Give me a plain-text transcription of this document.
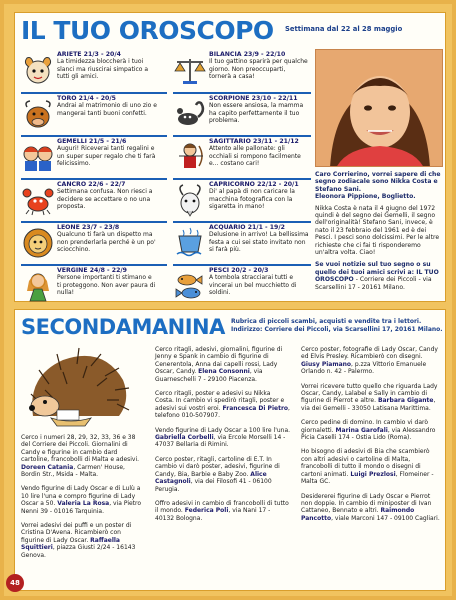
IL TUO OROSCOPO Settimana dal 22 al 28 maggio
ARIETE 21/3 - 20/4
La timidezza bloccherà i tuoi slanci ma riuscirai simpatico a tutti gli amici.
TORO 21/4 - 20/5
Andrai al matrimonio di uno zio e mangerai tanti buoni confetti.
GEMELLI 21/5 - 21/6
Auguri! Riceverai tanti regalini e un super super regalo che ti farà felicissimo.
CANCRO 22/6 - 22/7
Settimana confusa. Non riesci a decidere se accettare o no una proposta.
LEONE 23/7 - 23/8
Qualcuno ti farà un dispetto ma non prenderlarla perché è un po' sciocchino.
VERGINE 24/8 - 22/9
Persone importanti ti stimano e ti proteggono. Non aver paura di nulla!
BILANCIA 23/9 - 22/10
Il tuo gattino sparirà per qualche giorno. Non preoccuparti, tornerà a casa!
SCORPIONE 23/10 - 22/11
Non essere ansiosa, la mamma ha capito perfettamente il tuo problema.
SAGITTARIO 23/11 - 21/12
Attento alle pallonate: gli occhiali si rompono facilmente e... costano cari!
CAPRICORNO 22/12 - 20/1
Di' al papà di non caricare la macchina fotografica con la sigaretta in mano!
ACQUARIO 21/1 - 19/2
Delusione in arrivo! La bellissima festa a cui sei stato invitato non si farà più.
PESCI 20/2 - 20/3
A tombola stracciarai tutti e vincerai un bel mucchietto di soldini.
Caro Corrierino, vorrei sapere di che segno zodiacale sono Nikka Costa e Stefano Sani.
Eleonora Pippione, Boglietto.
Nikka Costa è nata il 4 giugno del 1972 quindi è del segno dei Gemelli, il segno dell'originalità! Stefano Sani, invece, è nato il 23 febbraio del 1961 ed è dei Pesci. I pesci sono dolcissimi. Per le altre richieste che ci fai ti risponderemo un'altra volta. Ciao!
Se vuoi notizie sul tuo segno o su quello dei tuoi amici scrivi a: IL TUO OROSCOPO - Corriere dei Piccoli - via Scarsellini 17 - 20161 Milano.
SECONDAMANINA Rubrica di piccoli scambi, acquisti e vendite tra i lettori. Indirizzo: Corriere dei Piccoli, via Scarsellini 17, 20161 Milano.
Cerco i numeri 28, 29, 32, 33, 36 e 38 del Corriere dei Piccoli. Giornalini di Candy e figurine in cambio dard cartoline, francobolli di Malta e adesivi. Doreen Catania, Carmen' House, Bordin Str., Msida - Malta.
Vendo figurine di Lady Oscar e di Lulù a 10 lire l'una e compro figurine di Lady Oscar a 50. Valeria La Rosa, via Pietro Nenni 39 - 01016 Tarquinia.
Vorrei adesivi dei puffi e un poster di Cristina D'Avena. Ricambierò con figurine di Lady Oscar. Raffaella Squittieri, piazza Giusti 2/24 - 16143 Genova.
Cerco ritagli, adesivi, giornalini, figurine di Jenny e Spank in cambio di figurine di Cenerentola, Anna dai capelli rossi, Lady Oscar, Candy. Elena Consonni, via Guarneschelli 7 - 29100 Piacenza.
Cerco ritagli, poster e adesivi su Nikka Costa. In cambio vi spedirò ritagli, poster e adesivi sui vostri eroi. Francesca Di Pietro, telefono 010-507907.
Vendo figurine di Lady Oscar a 100 lire l'una. Gabriella Corbelli, via Ercole Morselli 14 - 47037 Bellaria di Rimini.
Cerco poster, ritagli, cartoline di E.T. In cambio vi darò poster, adesivi, figurine di Candy, Bia, Barbie e Baby Zoo. Alice Castagnoli, via dei Filosofi 41 - 06100 Perugia.
Offro adesivi in cambio di francobolli di tutto il mondo. Federica Poli, via Nani 17 - 40132 Bologna.
Cerco poster, fotografie di Lady Oscar, Candy ed Elvis Presley. Ricambierò con disegni. Giusy Piamano, p.zza Vittorio Emanuele Orlando n. 42 - Palermo.
Vorrei ricevere tutto quello che riguarda Lady Oscar, Candy, Lalabel e Sally in cambio di figurine di Pierrot e altre. Barbara Gigante, via dei Gemelli - 33050 Latisana Marittima.
Cerco pedine di domino. In cambio vi darò giornaletti. Marina Garofali, via Alessandro Picia Caselli 174 - Ostia Lido (Roma).
Ho bisogno di adesivi di Bia che scambierò con altri adesivi o cartoline di Malta, francobolli di tutto il mondo o disegni di cartoni animati. Luigi Prezlosi, Flomeiner - Malta GC.
Desidererei figurine di Lady Oscar e Pierrot non doppie. In cambio di miniposter di Ivan Cattaneo, Bennato e altri. Raimondo Pancotto, viale Marconi 147 - 09100 Cagliari.
48
